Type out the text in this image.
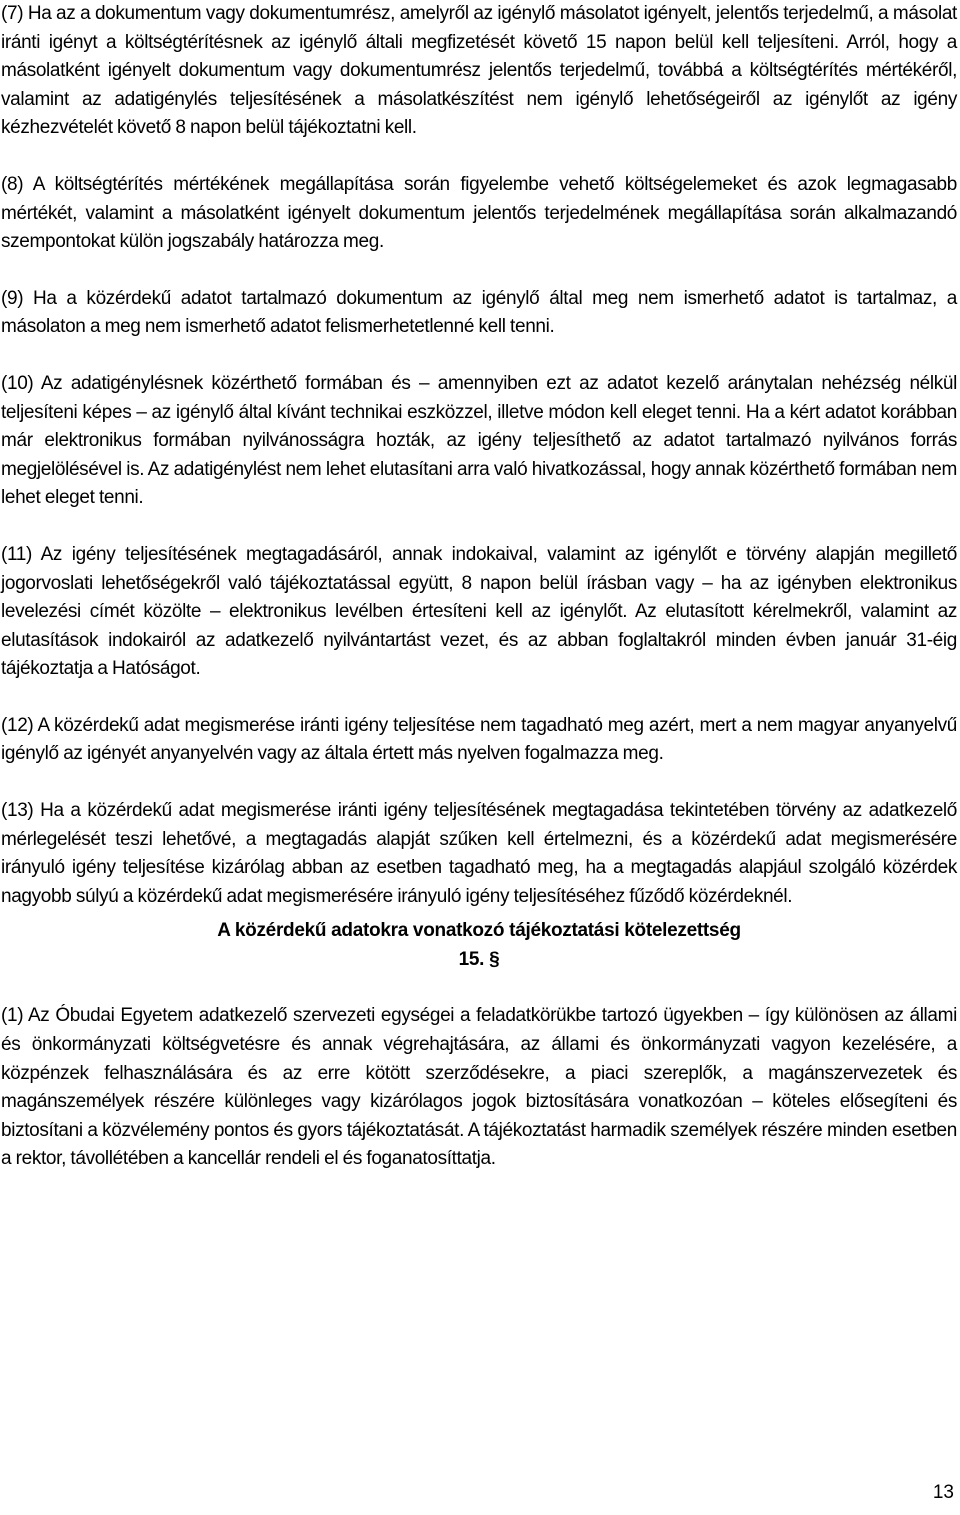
(7) Ha az a dokumentum vagy dokumentumrész, amelyről az igénylő másolatot igényelt, jelentős terjedelmű, a másolat iránti igényt a költségtérítésnek az igénylő általi megfizetését követő 15 napon belül kell teljesíteni. Arról, hogy a másolatként igényelt dokumentum vagy dokumentumrész jelentős terjedelmű, továbbá a költségtérítés mértékéről, valamint az adatigénylés teljesítésének a másolatkészítést nem igénylő lehetőségeiről az igénylőt az igény kézhezvételét követő 8 napon belül tájékoztatni kell.

(8) A költségtérítés mértékének megállapítása során figyelembe vehető költségelemeket és azok legmagasabb mértékét, valamint a másolatként igényelt dokumentum jelentős terjedelmének megállapítása során alkalmazandó szempontokat külön jogszabály határozza meg.

(9) Ha a közérdekű adatot tartalmazó dokumentum az igénylő által meg nem ismerhető adatot is tartalmaz, a másolaton a meg nem ismerhető adatot felismerhetetlenné kell tenni.

(10) Az adatigénylésnek közérthető formában és – amennyiben ezt az adatot kezelő aránytalan nehézség nélkül teljesíteni képes – az igénylő által kívánt technikai eszközzel, illetve módon kell eleget tenni. Ha a kért adatot korábban már elektronikus formában nyilvánosságra hozták, az igény teljesíthető az adatot tartalmazó nyilvános forrás megjelölésével is. Az adatigénylést nem lehet elutasítani arra való hivatkozással, hogy annak közérthető formában nem lehet eleget tenni.

(11) Az igény teljesítésének megtagadásáról, annak indokaival, valamint az igénylőt e törvény alapján megillető jogorvoslati lehetőségekről való tájékoztatással együtt, 8 napon belül írásban vagy – ha az igényben elektronikus levelezési címét közölte – elektronikus levélben értesíteni kell az igénylőt. Az elutasított kérelmekről, valamint az elutasítások indokairól az adatkezelő nyilvántartást vezet, és az abban foglaltakról minden évben január 31-éig tájékoztatja a Hatóságot.

(12) A közérdekű adat megismerése iránti igény teljesítése nem tagadható meg azért, mert a nem magyar anyanyelvű igénylő az igényét anyanyelvén vagy az általa értett más nyelven fogalmazza meg.

(13) Ha a közérdekű adat megismerése iránti igény teljesítésének megtagadása tekintetében törvény az adatkezelő mérlegelését teszi lehetővé, a megtagadás alapját szűken kell értelmezni, és a közérdekű adat megismerésére irányuló igény teljesítése kizárólag abban az esetben tagadható meg, ha a megtagadás alapjául szolgáló közérdek nagyobb súlyú a közérdekű adat megismerésére irányuló igény teljesítéséhez fűződő közérdeknél.

A közérdekű adatokra vonatkozó tájékoztatási kötelezettség
15. §

(1) Az Óbudai Egyetem adatkezelő szervezeti egységei a feladatkörükbe tartozó ügyekben – így különösen az állami és önkormányzati költségvetésre és annak végrehajtására, az állami és önkormányzati vagyon kezelésére, a közpénzek felhasználására és az erre kötött szerződésekre, a piaci szereplők, a magánszervezetek és magánszemélyek részére különleges vagy kizárólagos jogok biztosítására vonatkozóan – köteles elősegíteni és biztosítani a közvélemény pontos és gyors tájékoztatását. A tájékoztatást harmadik személyek részére minden esetben a rektor, távollétében a kancellár rendeli el és foganatosíttatja.

13
